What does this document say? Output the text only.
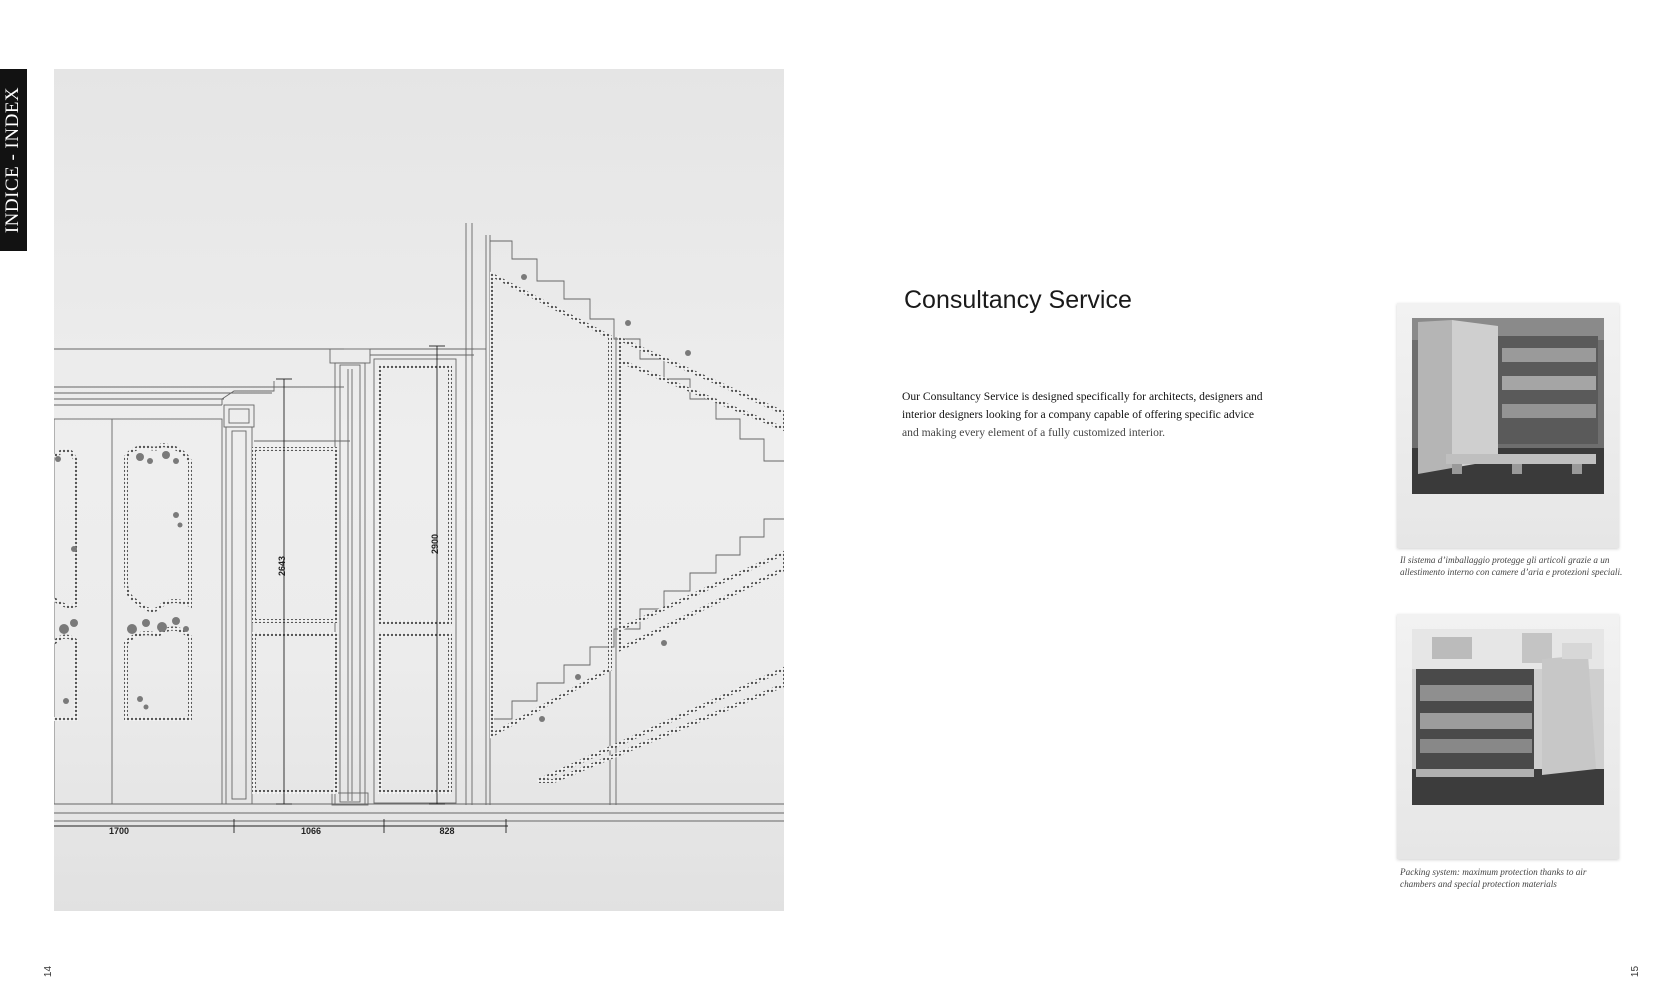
INDICE - INDEX
1700	1066	828
2643
2900
Consultancy Service
Our Consultancy Service is designed specifically for architects, designers and
interior designers looking for a company capable of offering specific advice
and making every element of a fully customized interior.
Il sistema d’imballaggio protegge gli articoli grazie a un
allestimento interno con camere d’aria e protezioni speciali.
Packing system: maximum protection thanks to air
chambers and special protection materials
14	15
